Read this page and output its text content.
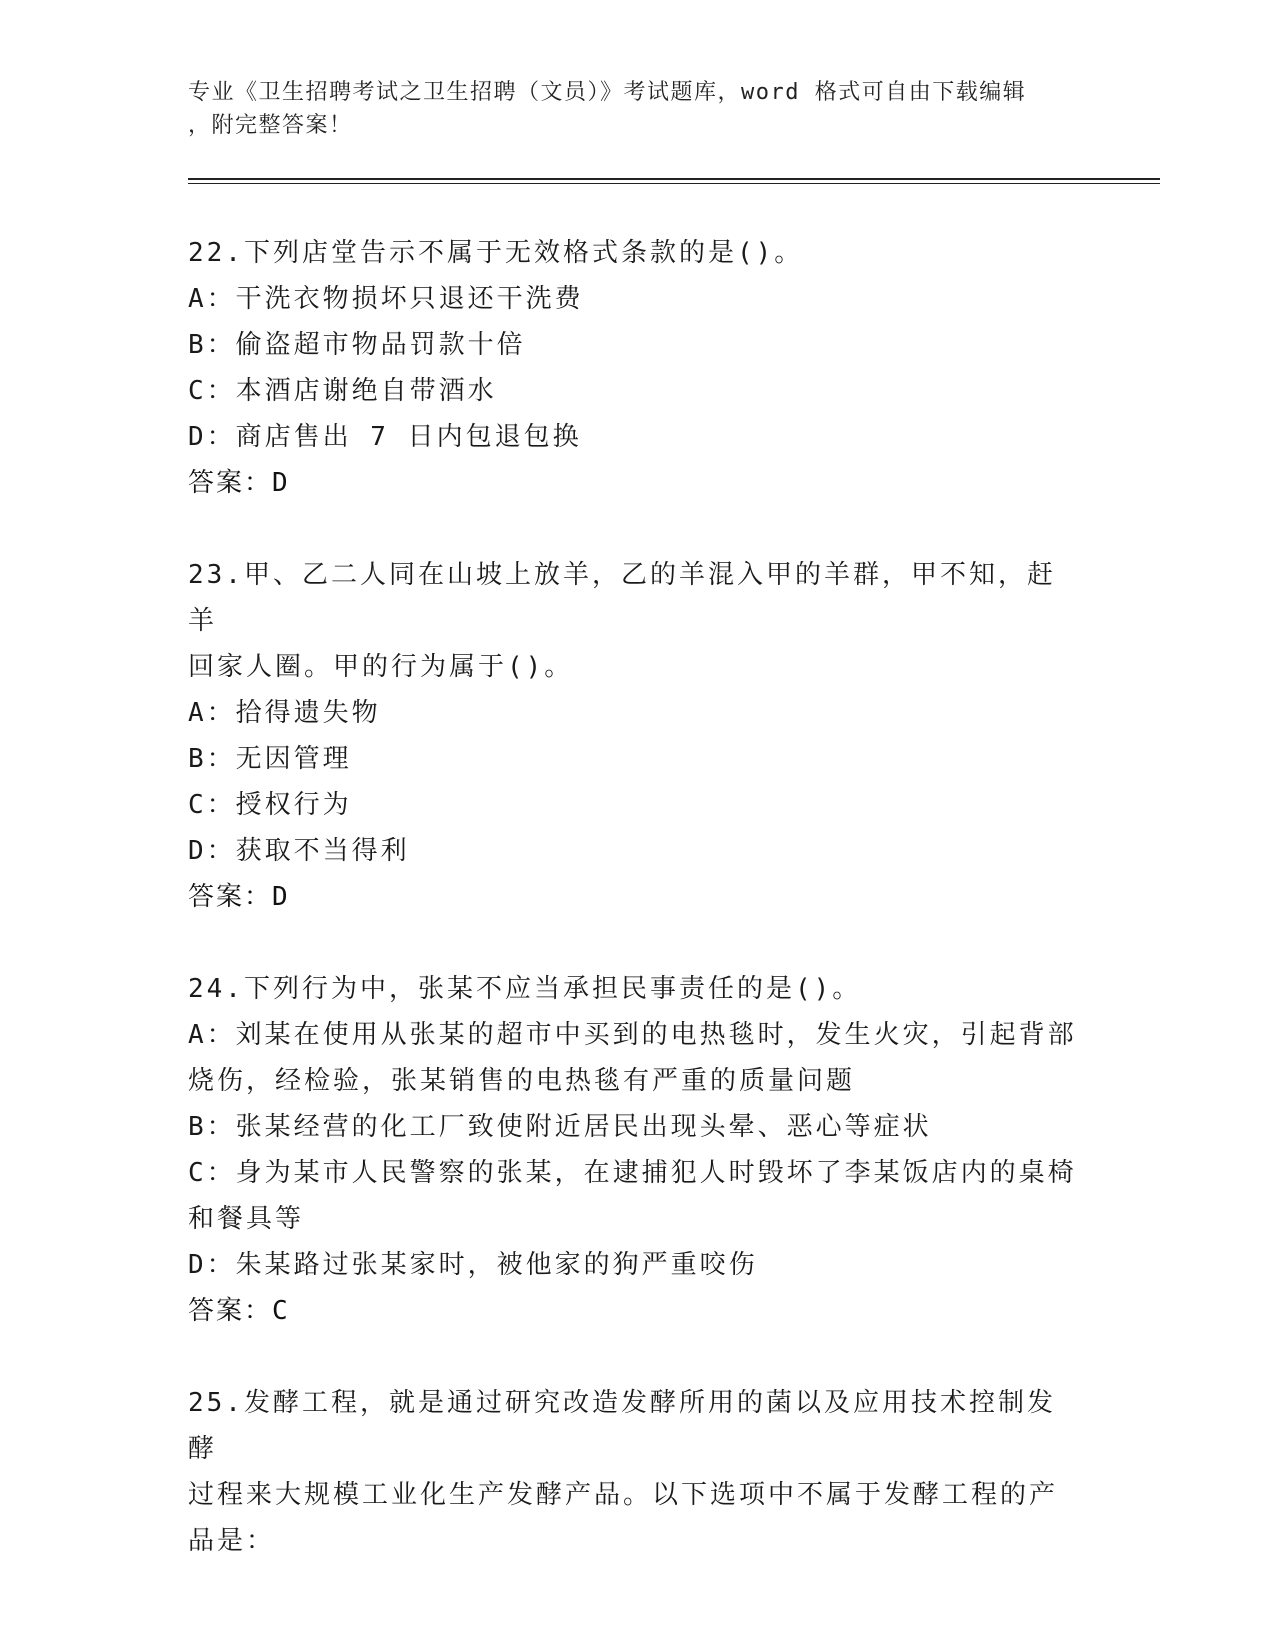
专业《卫生招聘考试之卫生招聘（文员）》考试题库，word 格式可自由下载编辑
，附完整答案！
22.下列店堂告示不属于无效格式条款的是()。
A：干洗衣物损坏只退还干洗费
B：偷盗超市物品罚款十倍
C：本酒店谢绝自带酒水
D：商店售出 7 日内包退包换
答案：D
23.甲、乙二人同在山坡上放羊，乙的羊混入甲的羊群，甲不知，赶羊
回家人圈。甲的行为属于()。
A：拾得遗失物
B：无因管理
C：授权行为
D：获取不当得利
答案：D
24.下列行为中，张某不应当承担民事责任的是()。
A：刘某在使用从张某的超市中买到的电热毯时，发生火灾，引起背部
烧伤，经检验，张某销售的电热毯有严重的质量问题
B：张某经营的化工厂致使附近居民出现头晕、恶心等症状
C：身为某市人民警察的张某，在逮捕犯人时毁坏了李某饭店内的桌椅
和餐具等
D：朱某路过张某家时，被他家的狗严重咬伤
答案：C
25.发酵工程，就是通过研究改造发酵所用的菌以及应用技术控制发酵
过程来大规模工业化生产发酵产品。以下选项中不属于发酵工程的产
品是：
